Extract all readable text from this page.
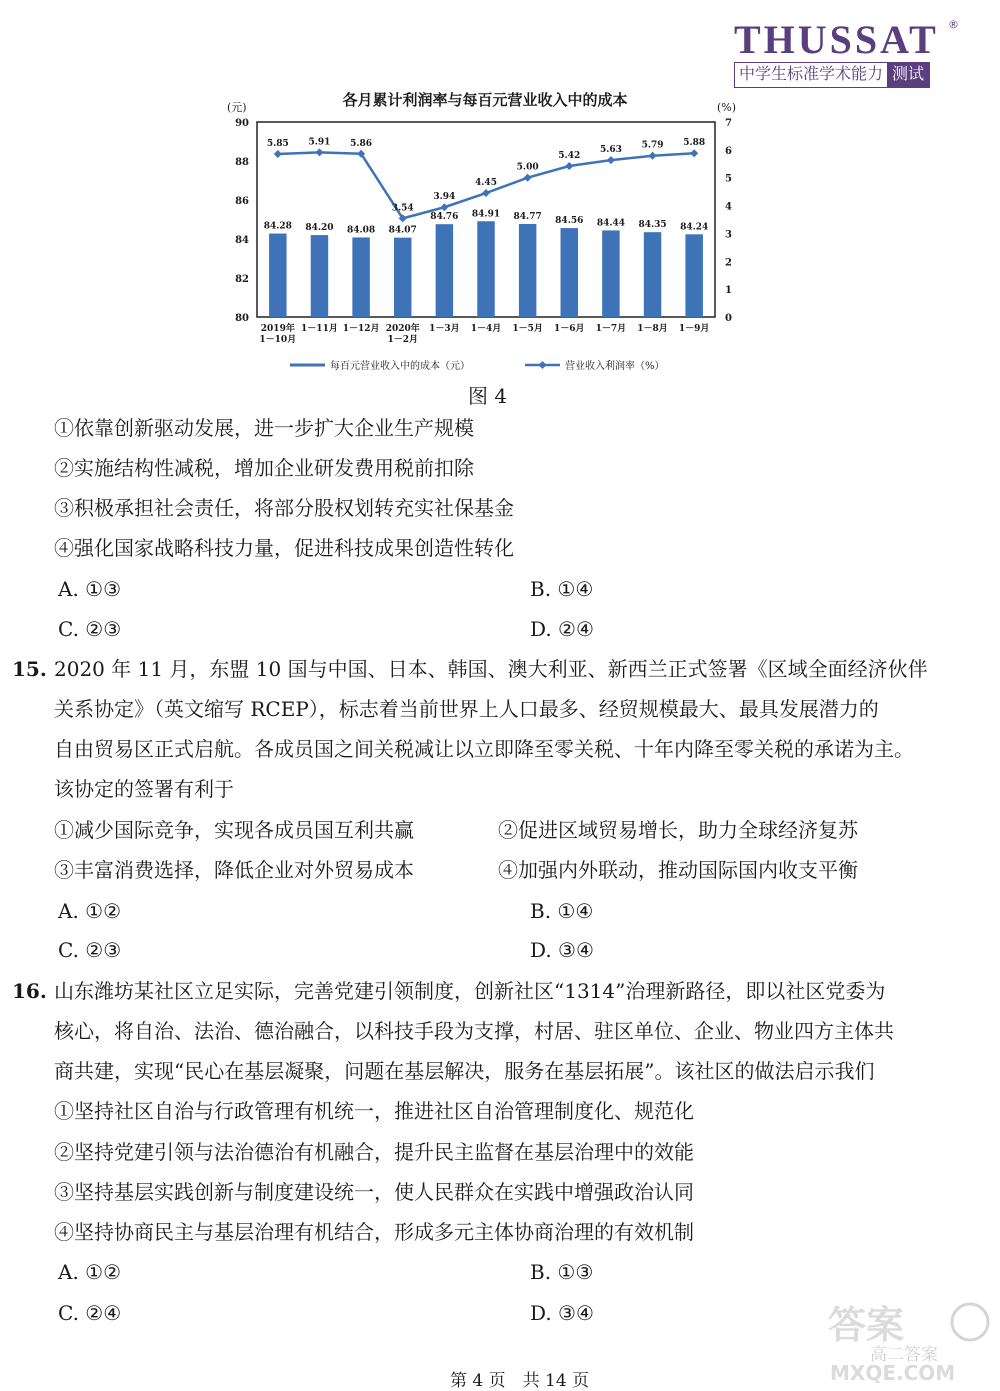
THUSSAT ®
中学生标准学术能力 测试
各月累计利润率与每百元营业收入中的成本
(元)	(%)
84.28 84.20 84.08 84.07
84.76 84.91 84.77 84.56 84.44 84.35 84.24
5.85 5.91 5.86
3.54
3.94
4.45
5.00
5.42
5.63 5.79 5.88
80
82
84
86
88
90
0
1
2
3
4
5
6
7
2019年
1－10月
1－11月 1－12月 2020年
1－2月
1－3月 1－4月 1－5月 1－6月 1－7月 1－8月 1－9月
每百元营业收入中的成本（元）	营业收入利润率（%）
图 4
①依靠创新驱动发展，进一步扩大企业生产规模
②实施结构性减税，增加企业研发费用税前扣除
③积极承担社会责任，将部分股权划转充实社保基金
④强化国家战略科技力量，促进科技成果创造性转化
A. ①③	B. ①④
C. ②③	D. ②④
15. 2020 年 11 月，东盟 10 国与中国、日本、韩国、澳大利亚、新西兰正式签署《区域全面经济伙伴
关系协定》（英文缩写 RCEP），标志着当前世界上人口最多、经贸规模最大、最具发展潜力的
自由贸易区正式启航。各成员国之间关税减让以立即降至零关税、十年内降至零关税的承诺为主。
该协定的签署有利于
①减少国际竞争，实现各成员国互利共赢	②促进区域贸易增长，助力全球经济复苏
③丰富消费选择，降低企业对外贸易成本	④加强内外联动，推动国际国内收支平衡
A. ①②	B. ①④
C. ②③	D. ③④
16. 山东潍坊某社区立足实际，完善党建引领制度，创新社区“1314”治理新路径，即以社区党委为
核心，将自治、法治、德治融合，以科技手段为支撑，村居、驻区单位、企业、物业四方主体共
商共建，实现“民心在基层凝聚，问题在基层解决，服务在基层拓展”。该社区的做法启示我们
①坚持社区自治与行政管理有机统一，推进社区自治管理制度化、规范化
②坚持党建引领与法治德治有机融合，提升民主监督在基层治理中的效能
③坚持基层实践创新与制度建设统一，使人民群众在实践中增强政治认同
④坚持协商民主与基层治理有机结合，形成多元主体协商治理的有效机制
A. ①②	B. ①③
C. ②④	D. ③④	答案
高二答案
MXQE.COM
第 4 页　共 14 页
